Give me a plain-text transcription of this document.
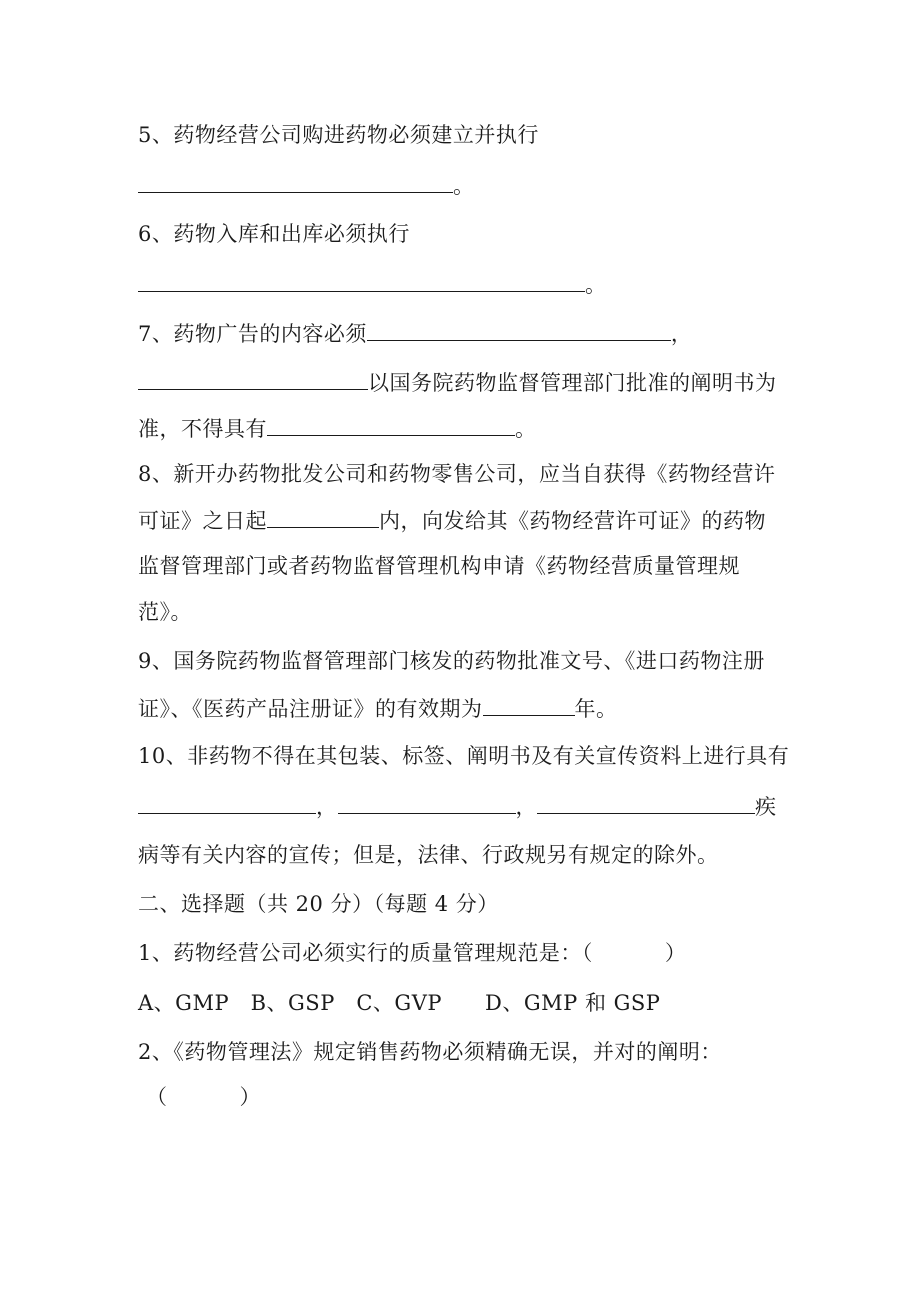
5、药物经营公司购进药物必须建立并执行
。
6、药物入库和出库必须执行
。
7、药物广告的内容必须	，
以国务院药物监督管理部门批准的阐明书为
准，不得具有	。
8、新开办药物批发公司和药物零售公司，应当自获得《药物经营许
可证》之日起	内，向发给其《药物经营许可证》的药物
监督管理部门或者药物监督管理机构申请《药物经营质量管理规
范》。
9、国务院药物监督管理部门核发的药物批准文号、《进口药物注册
证》、《医药产品注册证》的有效期为	年。
10、非药物不得在其包装、标签、阐明书及有关宣传资料上进行具有
，	，	疾
病等有关内容的宣传；但是，法律、行政规另有规定的除外。
二、选择题（共 20 分）（每题 4 分）
1、药物经营公司必须实行的质量管理规范是：（	）
A、GMP   B、GSP   C、GVP      D、GMP 和 GSP
2、《药物管理法》规定销售药物必须精确无误，并对的阐明：
（	）
